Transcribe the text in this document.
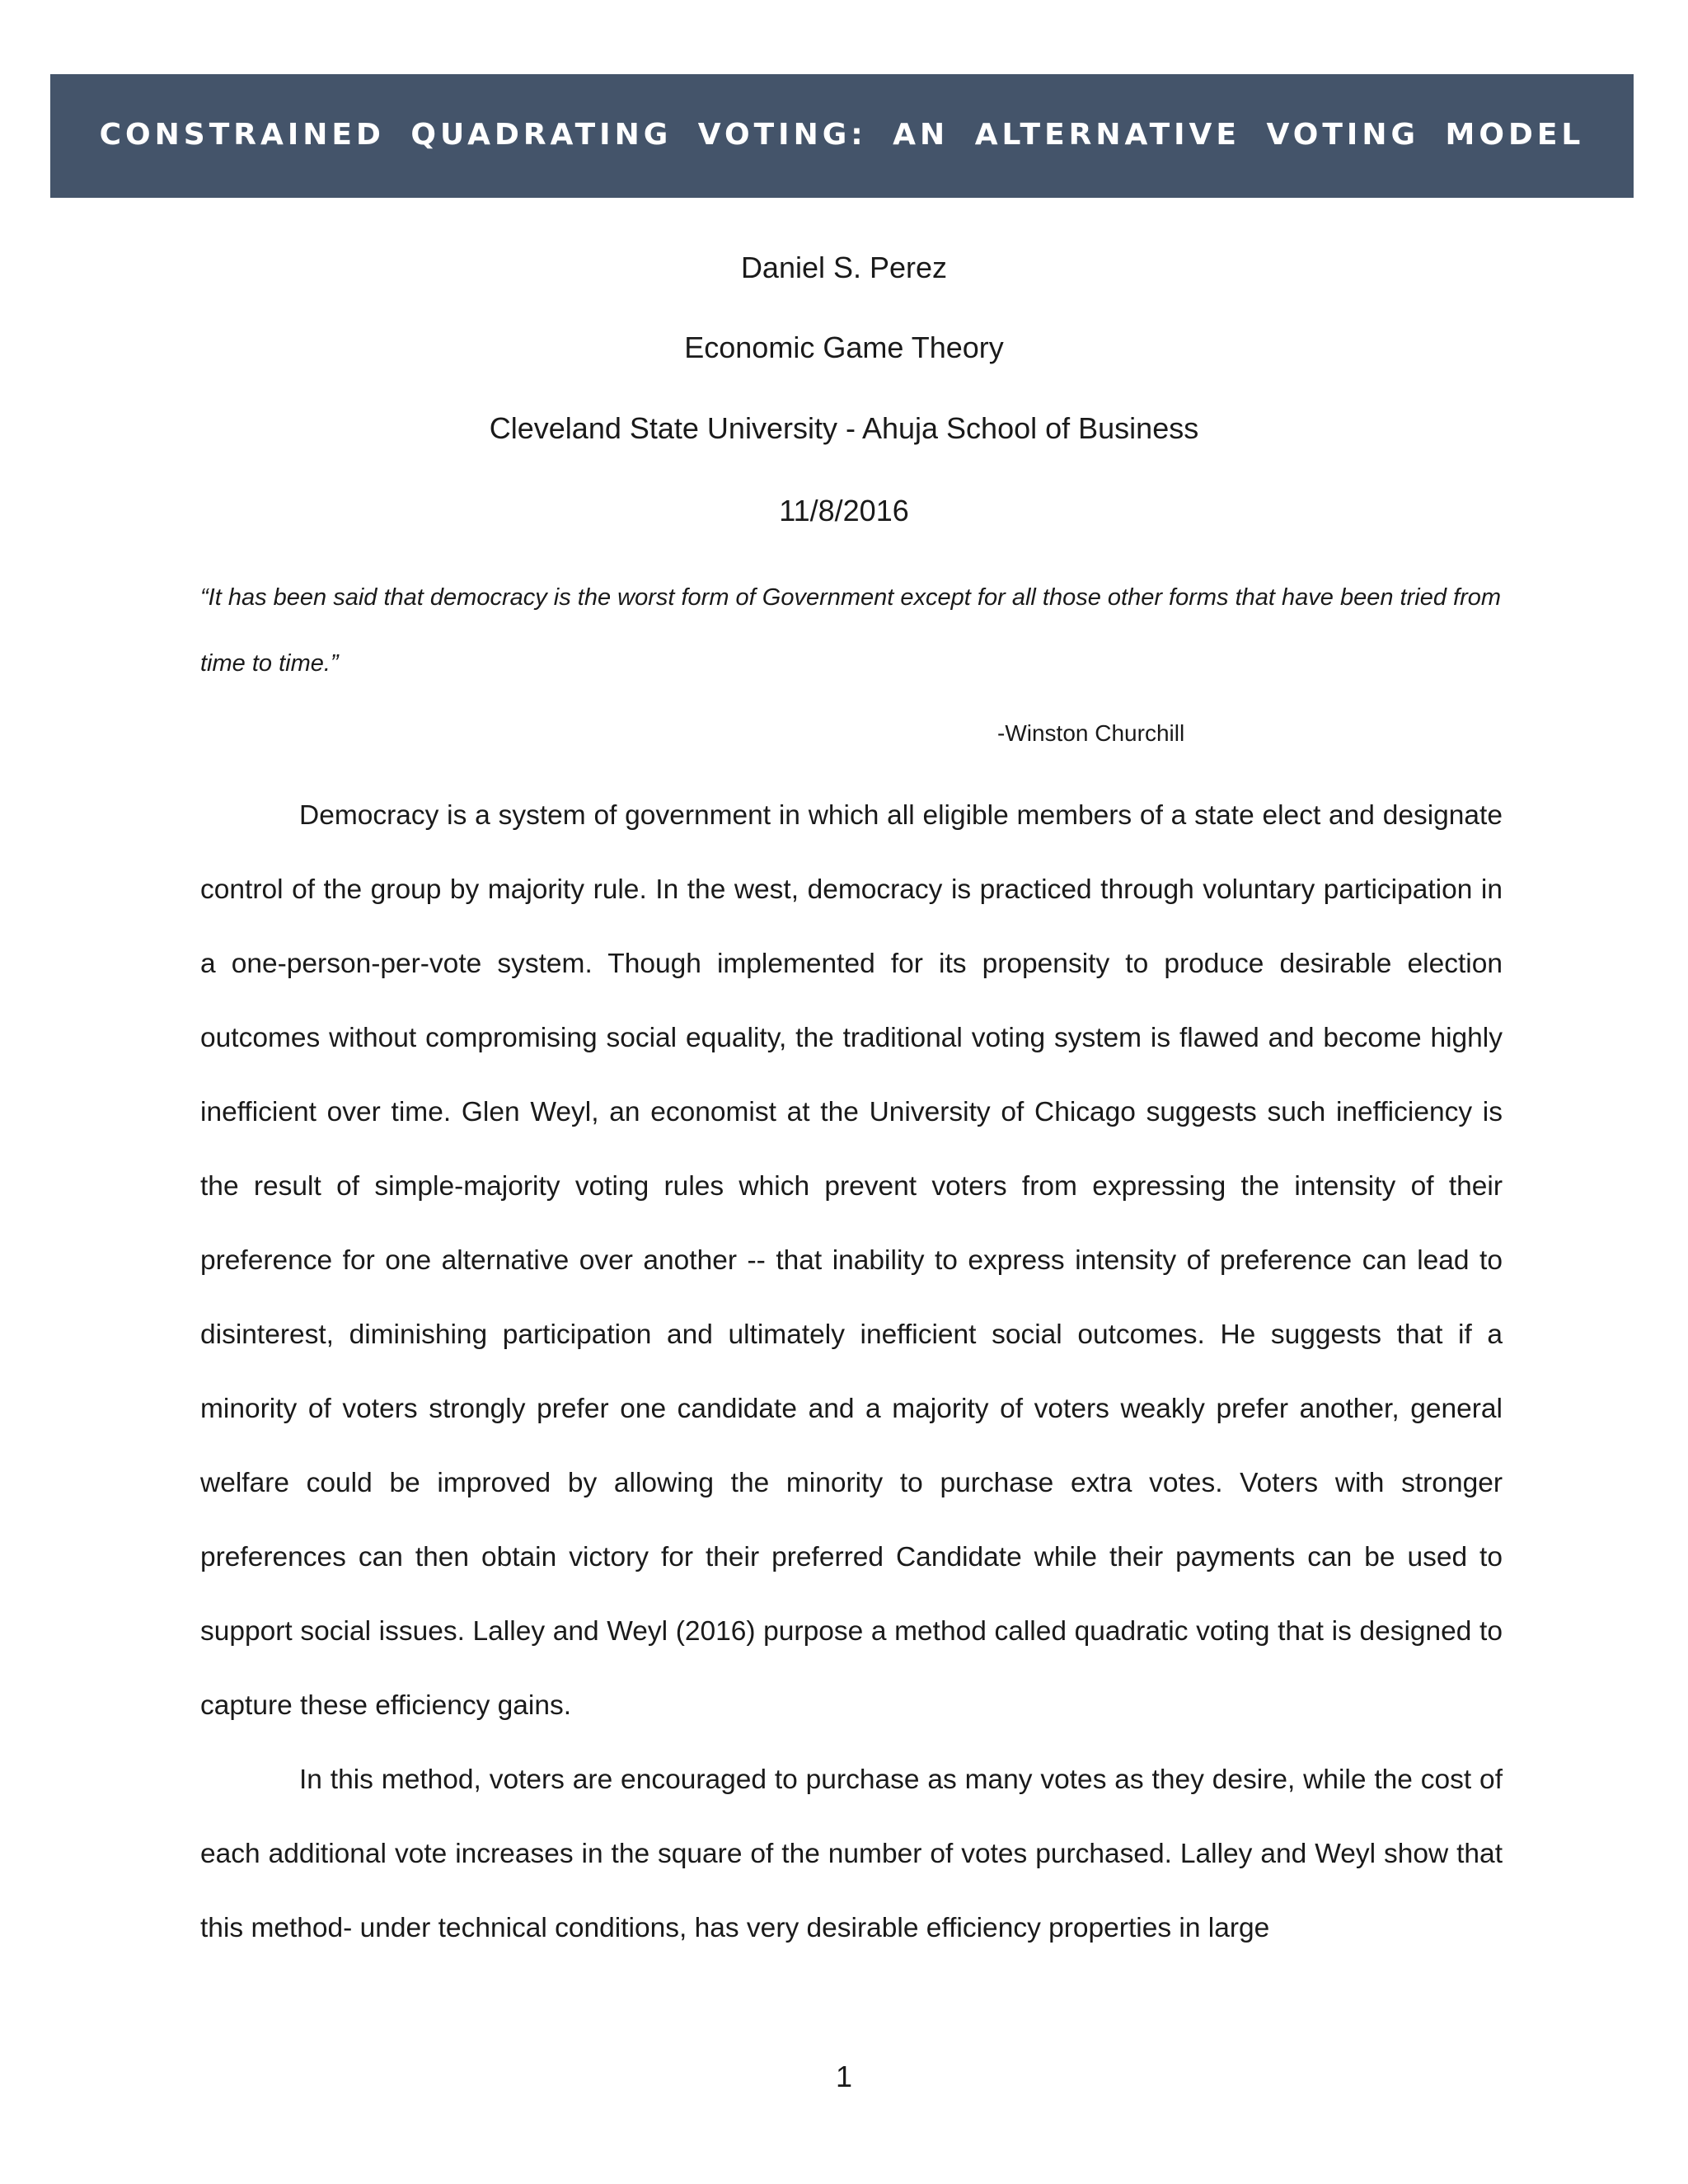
CONSTRAINED QUADRATING VOTING: AN ALTERNATIVE VOTING MODEL
Daniel S. Perez
Economic Game Theory
Cleveland State University - Ahuja School of Business
11/8/2016

“It has been said that democracy is the worst form of Government except for all those other forms that have been tried from time to time.”

-Winston Churchill

Democracy is a system of government in which all eligible members of a state elect and designate control of the group by majority rule. In the west, democracy is practiced through voluntary participation in a one-person-per-vote system. Though implemented for its propensity to produce desirable election outcomes without compromising social equality, the traditional voting system is flawed and become highly inefficient over time. Glen Weyl, an economist at the University of Chicago suggests such inefficiency is the result of simple-majority voting rules which prevent voters from expressing the intensity of their preference for one alternative over another -- that inability to express intensity of preference can lead to disinterest, diminishing participation and ultimately inefficient social outcomes. He suggests that if a minority of voters strongly prefer one candidate and a majority of voters weakly prefer another, general welfare could be improved by allowing the minority to purchase extra votes. Voters with stronger preferences can then obtain victory for their preferred Candidate while their payments can be used to support social issues. Lalley and Weyl (2016) purpose a method called quadratic voting that is designed to capture these efficiency gains.

In this method, voters are encouraged to purchase as many votes as they desire, while the cost of each additional vote increases in the square of the number of votes purchased. Lalley and Weyl show that this method- under technical conditions, has very desirable efficiency properties in large

1
